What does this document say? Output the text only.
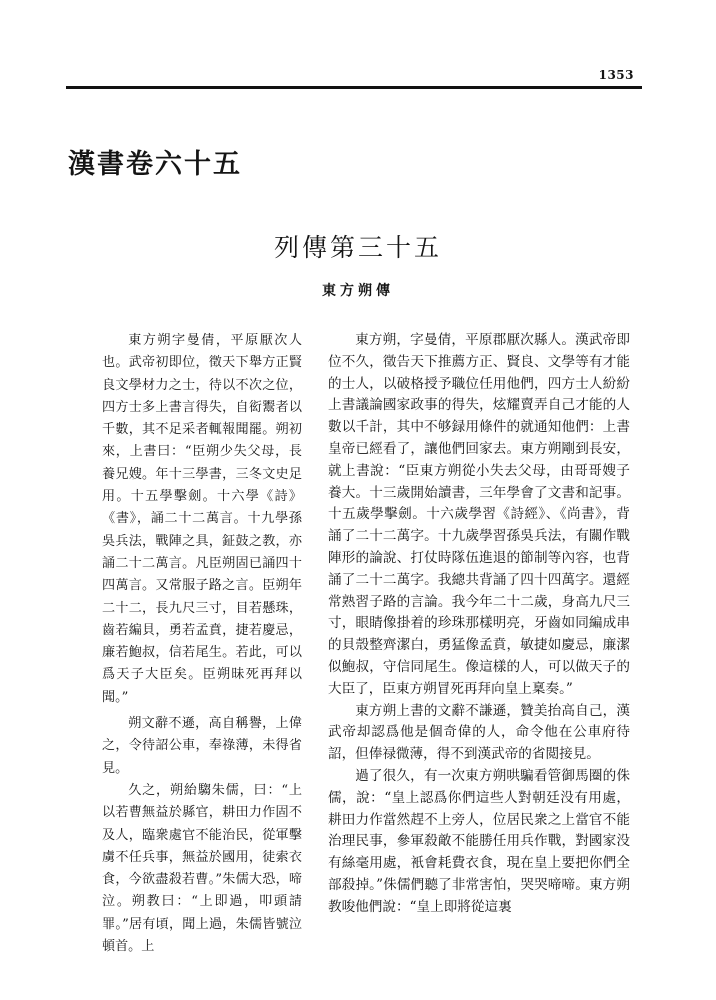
1353
漢書卷六十五
列傳第三十五
東方朔傳

東方朔字曼倩，平原厭次人也。武帝初即位，徵天下舉方正賢良文學材力之士，待以不次之位，四方士多上書言得失，自衒鬻者以千數，其不足采者輒報聞罷。朔初來，上書曰：“臣朔少失父母，長養兄嫂。年十三學書，三冬文史足用。十五學擊劍。十六學《詩》《書》，誦二十二萬言。十九學孫吳兵法，戰陣之具，鉦鼓之教，亦誦二十二萬言。凡臣朔固已誦四十四萬言。又常服子路之言。臣朔年二十二，長九尺三寸，目若懸珠，齒若編貝，勇若孟賁，捷若慶忌，廉若鮑叔，信若尾生。若此，可以爲天子大臣矣。臣朔昧死再拜以聞。”

朔文辭不遜，高自稱譽，上偉之，令待詔公車，奉祿薄，未得省見。

久之，朔紿騶朱儒，曰：“上以若曹無益於縣官，耕田力作固不及人，臨衆處官不能治民，從軍擊虜不任兵事，無益於國用，徒索衣食，今欲盡殺若曹。”朱儒大恐，啼泣。朔教曰：“上即過，叩頭請罪。”居有頃，聞上過，朱儒皆號泣頓首。上

東方朔，字曼倩，平原郡厭次縣人。漢武帝即位不久，徵告天下推薦方正、賢良、文學等有才能的士人，以破格授予職位任用他們，四方士人紛紛上書議論國家政事的得失，炫耀賣弄自己才能的人數以千計，其中不够録用條件的就通知他們：上書皇帝已經看了，讓他們回家去。東方朔剛到長安，就上書說：“臣東方朔從小失去父母，由哥哥嫂子養大。十三歲開始讀書，三年學會了文書和記事。十五歲學擊劍。十六歲學習《詩經》、《尚書》，背誦了二十二萬字。十九歲學習孫吳兵法，有關作戰陣形的論說、打仗時隊伍進退的節制等內容，也背誦了二十二萬字。我總共背誦了四十四萬字。還經常熟習子路的言論。我今年二十二歲，身高九尺三寸，眼睛像掛着的珍珠那樣明亮，牙齒如同編成串的貝殼整齊潔白，勇猛像孟賁，敏捷如慶忌，廉潔似鮑叔，守信同尾生。像這樣的人，可以做天子的大臣了，臣東方朔冒死再拜向皇上稟奏。”

東方朔上書的文辭不謙遜，贊美抬高自己，漢武帝却認爲他是個奇偉的人，命令他在公車府待詔，但俸禄微薄，得不到漢武帝的省閲接見。

過了很久，有一次東方朔哄騙看管御馬圈的侏儒，說：“皇上認爲你們這些人對朝廷没有用處，耕田力作當然趕不上旁人，位居民衆之上當官不能治理民事，參軍殺敵不能勝任用兵作戰，對國家没有絲毫用處，衹會耗費衣食，現在皇上要把你們全部殺掉。”侏儒們聽了非常害怕，哭哭啼啼。東方朔教唆他們說：“皇上即將從這裏
